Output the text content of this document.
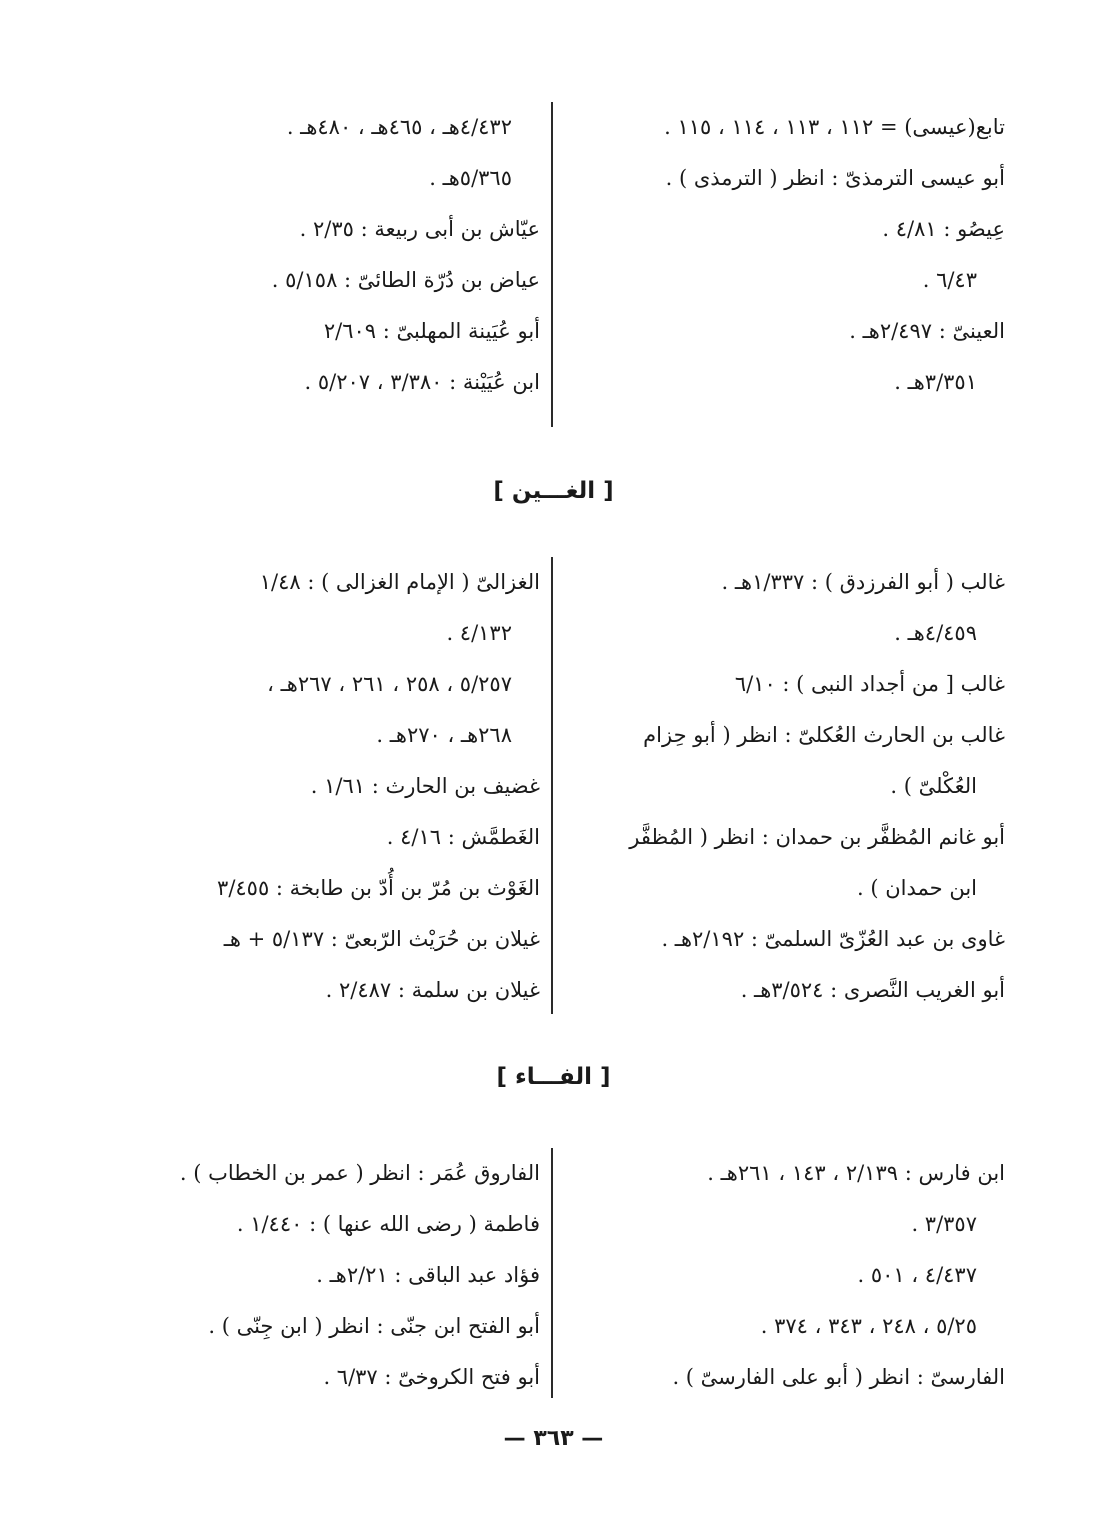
تابع(عيسى) = ١١٢ ، ١١٣ ، ١١٤ ، ١١٥ .
أبو عيسى الترمذىّ : انظر ( الترمذى ) .
عِيصُو : ٤/٨١ .
٦/٤٣ .
العينىّ : ٢/٤٩٧هـ .
٣/٣٥١هـ .
٤/٤٣٢هـ ، ٤٦٥هـ ، ٤٨٠هـ .
٥/٣٦٥هـ .
عيّاش بن أبى ربيعة : ٢/٣٥ .
عياض بن دُرّة الطائىّ : ٥/١٥٨ .
أبو عُيَينة المهلبىّ : ٢/٦٠٩
ابن عُيَيْنة : ٣/٣٨٠ ، ٥/٢٠٧ .
[ الغـــين ]
غالب ( أبو الفرزدق ) : ١/٣٣٧هـ .
٤/٤٥٩هـ .
غالب [ من أجداد النبى ) : ٦/١٠
غالب بن الحارث العُكلىّ : انظر ( أبو حِزام
العُكْلىّ ) .
أبو غانم المُظفَّر بن حمدان : انظر ( المُظفَّر
ابن حمدان ) .
غاوى بن عبد العُزّىّ السلمىّ : ٢/١٩٢هـ .
أبو الغريب النَّصرى : ٣/٥٢٤هـ .
الغزالىّ ( الإمام الغزالى ) : ١/٤٨
٤/١٣٢ .
٥/٢٥٧ ، ٢٥٨ ، ٢٦١ ، ٢٦٧هـ ،
٢٦٨هـ ، ٢٧٠هـ .
غضيف بن الحارث : ١/٦١ .
الغَطمَّش : ٤/١٦ .
الغَوْث بن مُرّ بن أُدّ بن طابخة : ٣/٤٥٥
غيلان بن حُرَيْث الرّبعىّ : ٥/١٣٧ + هـ
غيلان بن سلمة : ٢/٤٨٧ .
[ الفـــاء ]
ابن فارس : ٢/١٣٩ ، ١٤٣ ، ٢٦١هـ .
٣/٣٥٧ .
٤/٤٣٧ ، ٥٠١ .
٥/٢٥ ، ٢٤٨ ، ٣٤٣ ، ٣٧٤ .
الفارسىّ : انظر ( أبو على الفارسىّ ) .
الفاروق عُمَر : انظر ( عمر بن الخطاب ) .
فاطمة ( رضى الله عنها ) : ١/٤٤٠ .
فؤاد عبد الباقى : ٢/٢١هـ .
أبو الفتح ابن جنّى : انظر ( ابن جِنّى ) .
أبو فتح الكروخىّ : ٦/٣٧ .
— ٣٦٣ —
